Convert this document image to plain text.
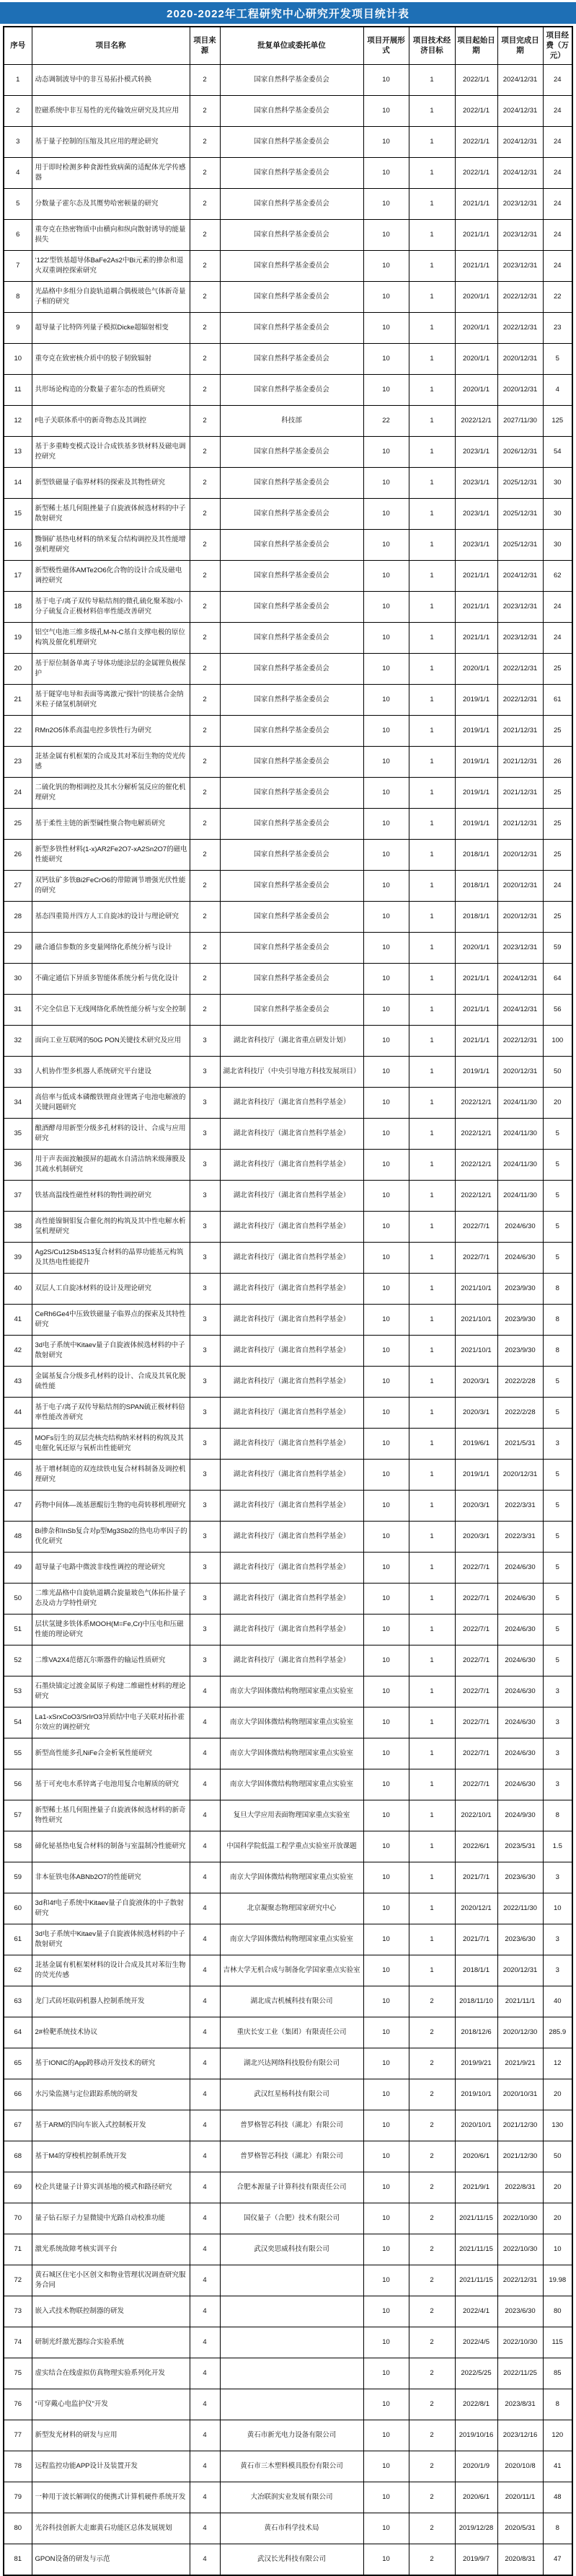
2020-2022年工程研究中心研究开发项目统计表
序号	项目名称	项目来源	批复单位或委托单位	项目开展形式	项目技术经济目标	项目起始日期	项目完成日期	项目经费（万元）
1	动态调制波导中的非互易拓扑模式转换	2	国家自然科学基金委员会	10	1	2022/1/1	2024/12/31	24
2	腔磁系统中非互易性的光传输效应研究及其应用	2	国家自然科学基金委员会	10	1	2022/1/1	2024/12/31	24
3	基于量子控制的压缩及其应用的理论研究	2	国家自然科学基金委员会	10	1	2022/1/1	2024/12/31	24
4	用于即时检测多种食源性致病菌的适配体光学传感器	2	国家自然科学基金委员会	10	1	2022/1/1	2024/12/31	24
5	分数量子霍尔态及其赝势哈密顿量的研究	2	国家自然科学基金委员会	10	1	2021/1/1	2023/12/31	24
6	重夸克在热密物质中由横向和纵向散射诱导的能量损失	2	国家自然科学基金委员会	10	1	2021/1/1	2023/12/31	24
7	‘122’型铁基超导体BaFe2As2中Bi元素的掺杂和退火双重调控探索研究	2	国家自然科学基金委员会	10	1	2021/1/1	2023/12/31	24
8	光晶格中多组分自旋轨道耦合偶极玻色气体新奇量子相的研究	2	国家自然科学基金委员会	10	1	2020/1/1	2022/12/31	22
9	超导量子比特阵列量子模拟Dicke超辐射相变	2	国家自然科学基金委员会	10	1	2020/1/1	2022/12/31	23
10	重夸克在致密核介质中的胶子韧致辐射	2	国家自然科学基金委员会	10	1	2020/1/1	2020/12/31	5
11	共形场论构造的分数量子霍尔态的性质研究	2	国家自然科学基金委员会	10	1	2020/1/1	2020/12/31	4
12	f电子关联体系中的新奇物态及其调控	2	科技部	22	1	2022/12/1	2027/11/30	125
13	基于多重畴变模式设计合成铁基多铁材料及磁电调控研究	2	国家自然科学基金委员会	10	1	2023/1/1	2026/12/31	54
14	新型铁磁量子临界材料的探索及其物性研究	2	国家自然科学基金委员会	10	1	2023/1/1	2025/12/31	30
15	新型稀土基几何阻挫量子自旋液体候选材料的中子散射研究	2	国家自然科学基金委员会	10	1	2023/1/1	2025/12/31	30
16	黝铜矿基热电材料的纳米复合结构调控及其性能增强机理研究	2	国家自然科学基金委员会	10	1	2023/1/1	2025/12/31	30
17	新型极性磁体AMTe2O6化合物的设计合成及磁电调控研究	2	国家自然科学基金委员会	10	1	2021/1/1	2024/12/31	62
18	基于电子/离子双传导粘结剂的微孔硫化聚苯胺/小分子硫复合正极材料倍率性能改善研究	2	国家自然科学基金委员会	10	1	2021/1/1	2023/12/31	24
19	铝空气电池三维多级孔M-N-C基自支撑电极的原位构筑及催化机理研究	2	国家自然科学基金委员会	10	1	2021/1/1	2023/12/31	24
20	基于原位制备单离子导体功能涂层的金属锂负极保护	2	国家自然科学基金委员会	10	1	2020/1/1	2022/12/31	25
21	基于隧穿电导和表面等离激元“探针”的镁基合金纳米粒子储氢机制研究	2	国家自然科学基金委员会	10	1	2019/1/1	2022/12/31	61
22	RMn2O5体系高温电控多铁性行为研究	2	国家自然科学基金委员会	10	1	2019/1/1	2021/12/31	25
23	苝基金属有机框架的合成及其对苯衍生物的荧光传感	2	国家自然科学基金委员会	10	1	2019/1/1	2021/12/31	26
24	二硫化钒的物相调控及其水分解析氢反应的催化机理研究	2	国家自然科学基金委员会	10	1	2019/1/1	2021/12/31	25
25	基于柔性主链的新型碱性聚合物电解质研究	2	国家自然科学基金委员会	10	1	2019/1/1	2021/12/31	25
26	新型多铁性材料(1-x)AR2Fe2O7-xA2Sn2O7的磁电性能研究	2	国家自然科学基金委员会	10	1	2018/1/1	2020/12/31	25
27	双钙钛矿多铁Bi2FeCrO6的带隙调节增强光伏性能的研究	2	国家自然科学基金委员会	10	1	2018/1/1	2020/12/31	24
28	基态四重简并四方人工自旋冰的设计与理论研究	2	国家自然科学基金委员会	10	1	2018/1/1	2020/12/31	25
29	融合通信参数的多变量网络化系统分析与设计	2	国家自然科学基金委员会	10	1	2020/1/1	2023/12/31	59
30	不确定通信下异质多智能体系统分析与优化设计	2	国家自然科学基金委员会	10	1	2021/1/1	2024/12/31	64
31	不完全信息下无线网络化系统性能分析与安全控制	2	国家自然科学基金委员会	10	1	2021/1/1	2024/12/31	56
32	面向工业互联网的50G PON关键技术研究及应用	3	湖北省科技厅（湖北省重点研发计划）	10	1	2021/1/1	2022/12/31	100
33	人机协作型多机器人系统研究平台建设	3	湖北省科技厅（中央引导地方科技发展项目）	10	1	2019/1/1	2020/12/31	50
34	高倍率与低成本磷酸铁锂商业锂离子电池电解液的关键问题研究	3	湖北省科技厅（湖北省自然科学基金）	10	1	2022/12/1	2024/11/30	20
35	酿酒酵母用新型分级多孔材料的设计、合成与应用研究	3	湖北省科技厅（湖北省自然科学基金）	10	1	2022/12/1	2024/11/30	5
36	用于声表面波触摸屏的超疏水自清洁纳米级薄膜及其疏水机制研究	3	湖北省科技厅（湖北省自然科学基金）	10	1	2022/12/1	2024/11/30	5
37	铁基高温线性磁性材料的物性调控研究	3	湖北省科技厅（湖北省自然科学基金）	10	1	2022/12/1	2024/11/30	5
38	高性能镍铜钼复合催化剂的构筑及其中性电解水析氢机理研究	3	湖北省科技厅（湖北省自然科学基金）	10	1	2022/7/1	2024/6/30	5
39	Ag2S/Cu12Sb4S13复合材料的晶界功能基元构筑及其热电性能提升	3	湖北省科技厅（湖北省自然科学基金）	10	1	2022/7/1	2024/6/30	5
40	双层人工自旋冰材料的设计及理论研究	3	湖北省科技厅（湖北省自然科学基金）	10	1	2021/10/1	2023/9/30	8
41	CeRh6Ge4中压致铁磁量子临界点的探索及其特性研究	3	湖北省科技厅（湖北省自然科学基金）	10	1	2021/10/1	2023/9/30	8
42	3d电子系统中Kitaev量子自旋液体候选材料的中子散射研究	3	湖北省科技厅（湖北省自然科学基金）	10	1	2021/10/1	2023/9/30	8
43	金属基复合分级多孔材料的设计、合成及其氧化脱硫性能	3	湖北省科技厅（湖北省自然科学基金）	10	1	2020/3/1	2022/2/28	5
44	基于电子/离子双传导粘结剂的SPAN硫正极材料倍率性能改善研究	3	湖北省科技厅（湖北省自然科学基金）	10	1	2020/3/1	2022/2/28	5
45	MOFs衍生的双层壳核壳结构纳米材料的构筑及其电催化氧还原与氧析出性能研究	3	湖北省科技厅（湖北省自然科学基金）	10	1	2019/6/1	2021/5/31	3
46	基于增材制造的双连续铁电复合材料制备及调控机理研究	3	湖北省科技厅（湖北省自然科学基金）	10	1	2019/1/1	2020/12/31	5
47	药物中间体—巯基蒽醌衍生物的电荷转移机理研究	3	湖北省科技厅（湖北省自然科学基金）	10	1	2020/3/1	2022/3/31	5
48	Bi掺杂和InSb复合对p型Mg3Sb2的热电功率因子的优化研究	3	湖北省科技厅（湖北省自然科学基金）	10	1	2020/3/1	2022/3/31	5
49	超导量子电路中微波非线性调控的理论研究	3	湖北省科技厅（湖北省自然科学基金）	10	1	2022/7/1	2024/6/30	5
50	二维光晶格中自旋轨道耦合旋量玻色气体拓扑量子态及动力学特性研究	3	湖北省科技厅（湖北省自然科学基金）	10	1	2022/7/1	2024/6/30	5
51	层状氢键多铁体系MOOH(M=Fe,Cr)中压电和压磁性能的理论研究	3	湖北省科技厅（湖北省自然科学基金）	10	1	2022/7/1	2024/6/30	5
52	二维VA2X4范德瓦尔斯器件的输运性质研究	3	湖北省科技厅（湖北省自然科学基金）	10	1	2022/7/1	2024/6/30	5
53	石墨炔锚定过渡金属原子构建二维磁性材料的理论研究	4	南京大学固体微结构物理国家重点实验室	10	1	2022/7/1	2024/6/30	3
54	La1-xSrxCoO3/SrIrO3异质结中电子关联对拓扑霍尔效应的调控研究	4	南京大学固体微结构物理国家重点实验室	10	1	2022/7/1	2024/6/30	3
55	新型高性能多孔NiFe合金析氧性能研究	4	南京大学固体微结构物理国家重点实验室	10	1	2022/7/1	2024/6/30	3
56	基于可充电水系锌离子电池用复合电解质的研究	4	南京大学固体微结构物理国家重点实验室	10	1	2022/7/1	2024/6/30	3
57	新型稀土基几何阻挫量子自旋液体候选材料的新奇物性研究	4	复旦大学应用表面物理国家重点实验室	10	1	2022/10/1	2024/9/30	8
58	碲化铋基热电复合材料的制备与室温制冷性能研究	4	中国科学院低温工程学重点实验室开放课题	10	1	2022/6/1	2023/5/31	1.5
59	非本征铁电体ABNb2O7的性能研究	4	南京大学固体微结构物理国家重点实验室	10	1	2021/7/1	2023/6/30	3
60	3d和4f电子系统中Kitaev量子自旋液体的中子散射研究	4	北京凝聚态物理国家研究中心	10	1	2020/12/1	2022/11/30	10
61	3d电子系统中Kitaev量子自旋液体候选材料的中子散射研究	4	南京大学固体微结构物理国家重点实验室	10	1	2021/7/1	2023/6/30	3
62	苝基金属有机框架材料的设计合成及其对苯衍生物的荧光传感	4	吉林大学无机合成与制备化学国家重点实验室	10	1	2018/1/1	2020/12/31	3
63	龙门式砖坯取码机器人控制系统开发	4	湖北成吉机械科技有限公司	10	2	2018/11/10	2021/11/1	40
64	2#检靶系统技术协议	4	重庆长安工业（集团）有限责任公司	10	2	2018/12/6	2020/12/30	285.9
65	基于IONIC的App跨移动开发技术的研究	4	湖北兴达网络科技股份有限公司	10	2	2019/9/21	2021/9/21	12
66	水污染监测与定位跟踪系统的研发	4	武汉红星杨科技有限公司	10	2	2019/10/1	2020/10/31	20
67	基于ARM的四向车嵌入式控制板开发	4	普罗格智芯科技（湖北）有限公司	10	2	2020/10/1	2021/12/30	130
68	基于M4的穿梭机控制系统开发	4	普罗格智芯科技（湖北）有限公司	10	2	2020/6/1	2021/12/30	50
69	校企共建量子计算实训基地的模式和路径研究	4	合肥本源量子计算科技有限责任公司	10	2	2021/9/1	2022/8/31	20
70	量子钻石原子力显微镜中光路自动校准功能	4	国仪量子（合肥）技术有限公司	10	2	2021/11/15	2022/10/30	20
71	激光系统故障考核实训平台	4	武汉奕思威科技有限公司	10	2	2021/11/15	2022/10/30	10
72	黄石城区住宅小区创文和物业管理状况调查研究服务合同	4		10	2	2021/11/15	2022/12/31	19.98
73	嵌入式技术物联控制器的研发	4		10	2	2022/4/1	2023/6/30	80
74	研制光纤激光器综合实验系统	4		10	2	2022/4/5	2022/10/30	115
75	虚实结合在线虚拟仿真物理实验系列化开发	4		10	2	2022/5/25	2022/11/25	85
76	“可穿戴心电监护仪”开发	4		10	2	2022/8/1	2023/8/31	8
77	新型发光材料的研发与应用	4	黄石市新光电力设备有限公司	10	2	2019/10/16	2023/12/16	120
78	远程监控功能APP设计及装置开发	4	黄石市三木塑料模具股份有限公司	10	2	2020/1/9	2020/10/8	41
79	一种用于波长解调仪的便携式计算机硬件系统开发	4	大冶联润实业发展有限公司	10	2	2020/6/1	2020/11/1	48
80	光谷科技创新大走廊黄石功能区总体发展规划	4	黄石市科学技术局	10	2	2019/12/28	2020/5/31	8
81	GPON设备的研发与示范	4	武汉长光科技有限公司	10	2	2019/9/7	2020/8/31	47
